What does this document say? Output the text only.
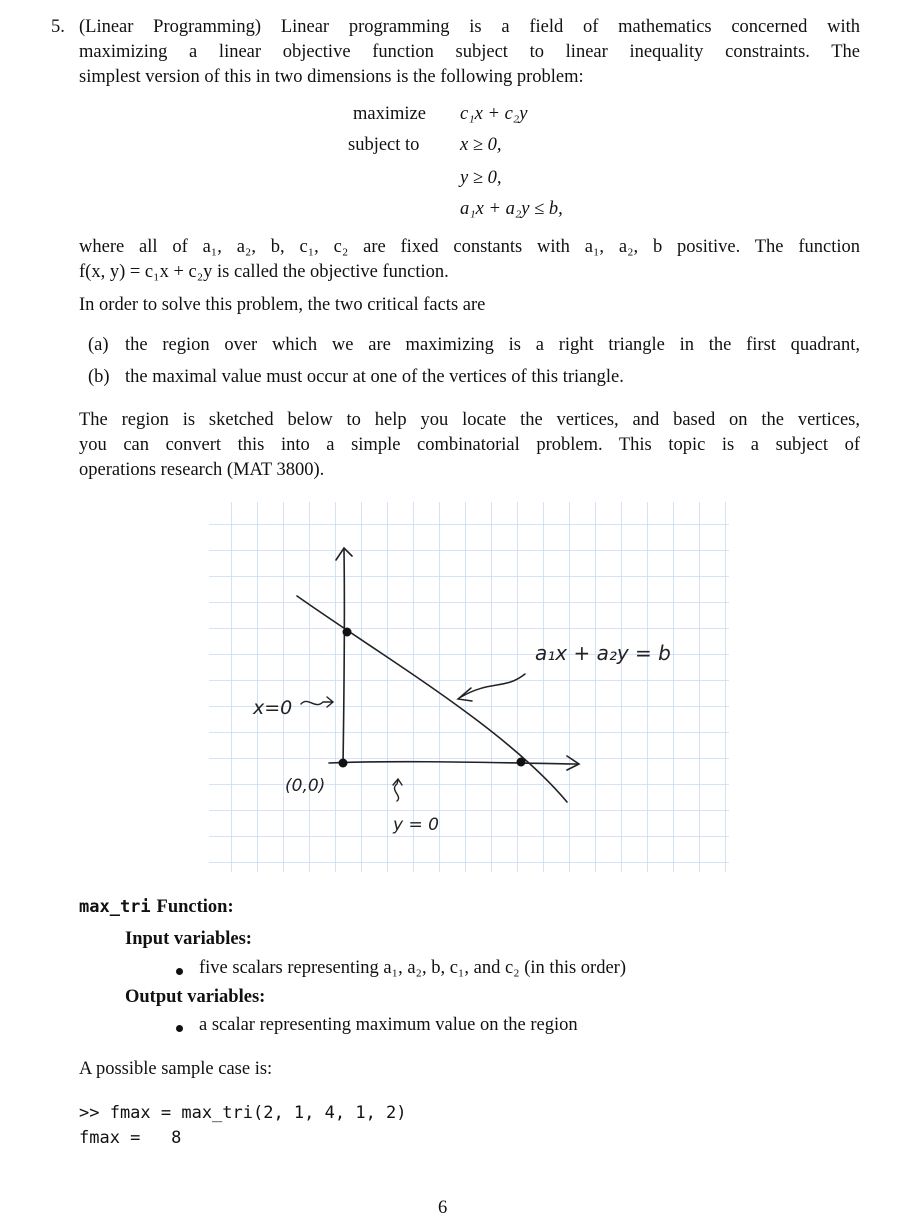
5. (Linear Programming) Linear programming is a field of mathematics concerned with
maximizing a linear objective function subject to linear inequality constraints. The
simplest version of this in two dimensions is the following problem:
maximize c₁x + c₂y
subject to x ≥ 0,
y ≥ 0,
a₁x + a₂y ≤ b,
where all of a₁, a₂, b, c₁, c₂ are fixed constants with a₁, a₂, b positive. The function
f(x, y) = c₁x + c₂y is called the objective function.
In order to solve this problem, the two critical facts are
(a) the region over which we are maximizing is a right triangle in the first quadrant,
(b) the maximal value must occur at one of the vertices of this triangle.
The region is sketched below to help you locate the vertices, and based on the vertices,
you can convert this into a simple combinatorial problem. This topic is a subject of
operations research (MAT 3800).
a₁x + a₂y = b
x=0
(0,0)
y = 0
max_tri Function:
Input variables:
five scalars representing a₁, a₂, b, c₁, and c₂ (in this order)
Output variables:
a scalar representing maximum value on the region
A possible sample case is:
>> fmax = max_tri(2, 1, 4, 1, 2)
fmax =   8
6
